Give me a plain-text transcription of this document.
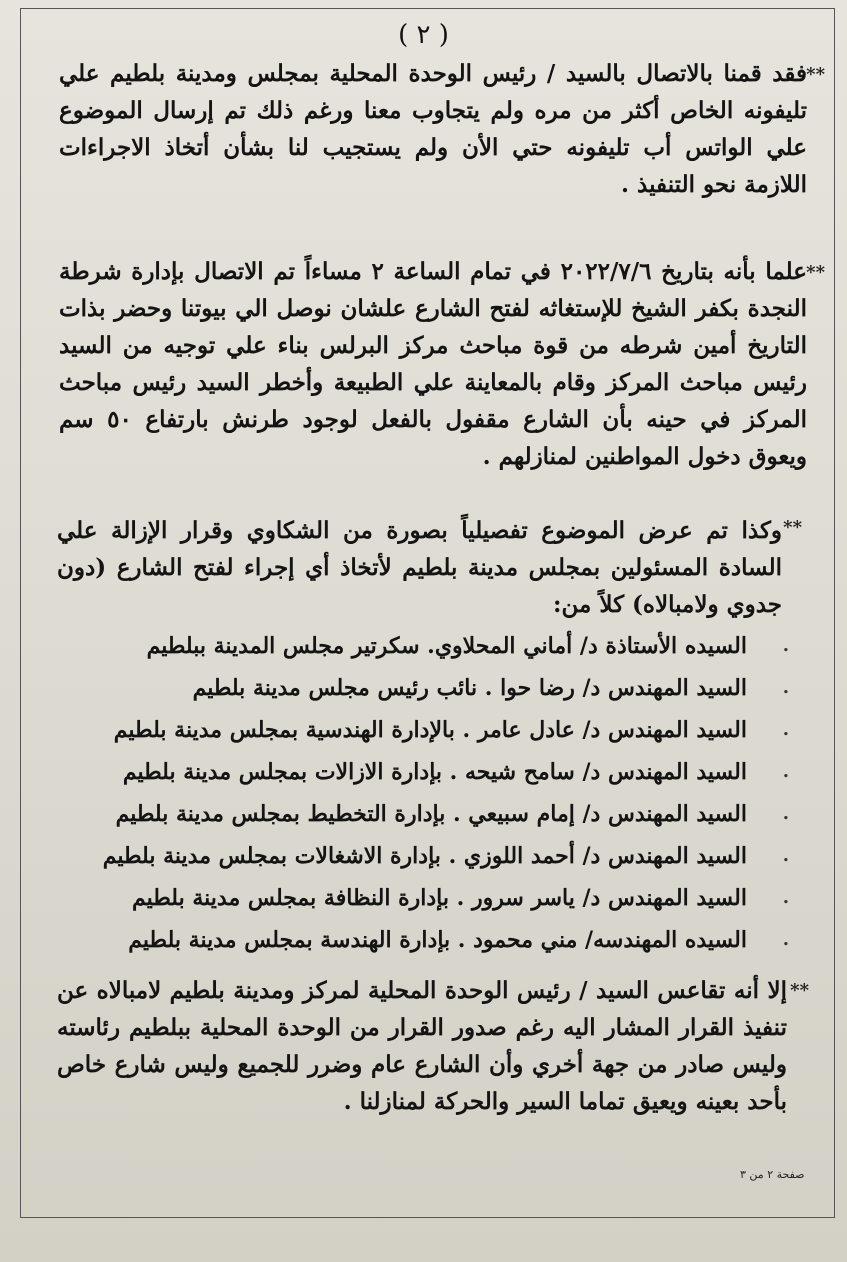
( ٢ )
**

فقد قمنا بالاتصال بالسيد / رئيس الوحدة المحلية بمجلس ومدينة بلطيم علي تليفونه الخاص أكثر من مره ولم يتجاوب معنا ورغم ذلك تم إرسال الموضوع علي الواتس أب تليفونه حتي الأن ولم يستجيب لنا بشأن أتخاذ الاجراءات اللازمة نحو التنفيذ .

**

علما بأنه بتاريخ ٢٠٢٢/٧/٦ في تمام الساعة ٢ مساءاً تم الاتصال بإدارة شرطة النجدة بكفر الشيخ للإستغاثه لفتح الشارع علشان نوصل الي بيوتنا وحضر بذات التاريخ أمين شرطه من قوة مباحث مركز البرلس بناء علي توجيه من السيد رئيس مباحث المركز وقام بالمعاينة علي الطبيعة وأخطر السيد رئيس مباحث المركز في حينه بأن الشارع مقفول بالفعل لوجود طرنش بارتفاع ٥٠ سم ويعوق دخول المواطنين لمنازلهم .

**

وكذا تم عرض الموضوع تفصيلياً بصورة من الشكاوي وقرار الإزالة علي السادة المسئولين بمجلس مدينة بلطيم لأتخاذ أي إجراء لفتح الشارع (دون جدوي ولامبالاه) كلاً من:

.
السيده الأستاذة د/ أماني المحلاوي. سكرتير مجلس المدينة ببلطيم
.
السيد المهندس د/ رضا حوا . نائب رئيس مجلس مدينة بلطيم
.
السيد المهندس د/ عادل عامر . بالإدارة الهندسية بمجلس مدينة بلطيم
.
السيد المهندس د/ سامح شيحه . بإدارة الازالات بمجلس مدينة بلطيم
.
السيد المهندس د/ إمام سبيعي . بإدارة التخطيط بمجلس مدينة بلطيم
.
السيد المهندس د/ أحمد اللوزي . بإدارة الاشغالات بمجلس مدينة بلطيم
.
السيد المهندس د/ ياسر سرور . بإدارة النظافة بمجلس مدينة بلطيم
.
السيده المهندسه/ مني محمود . بإدارة الهندسة بمجلس مدينة بلطيم
**

إلا أنه تقاعس السيد / رئيس الوحدة المحلية لمركز ومدينة بلطيم لامبالاه عن تنفيذ القرار المشار اليه رغم صدور القرار من الوحدة المحلية ببلطيم رئاسته وليس صادر من جهة أخري وأن الشارع عام وضرر للجميع وليس شارع خاص بأحد بعينه ويعيق تماما السير والحركة لمنازلنا .

صفحة ٢ من ٣
